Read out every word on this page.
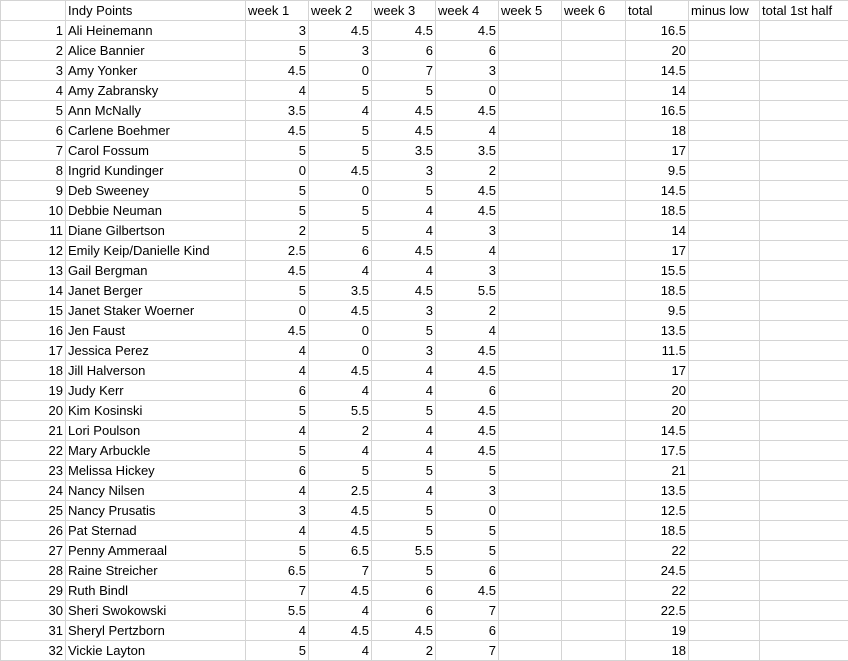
	Indy Points	week 1	week 2	week 3	week 4	week 5	week 6	total	minus low	total 1st half
1	Ali Heinemann	3	4.5	4.5	4.5			16.5		
2	Alice Bannier	5	3	6	6			20		
3	Amy Yonker	4.5	0	7	3			14.5		
4	Amy Zabransky	4	5	5	0			14		
5	Ann McNally	3.5	4	4.5	4.5			16.5		
6	Carlene Boehmer	4.5	5	4.5	4			18		
7	Carol Fossum	5	5	3.5	3.5			17		
8	Ingrid Kundinger	0	4.5	3	2			9.5		
9	Deb Sweeney	5	0	5	4.5			14.5		
10	Debbie Neuman	5	5	4	4.5			18.5		
11	Diane Gilbertson	2	5	4	3			14		
12	Emily Keip/Danielle Kind	2.5	6	4.5	4			17		
13	Gail Bergman	4.5	4	4	3			15.5		
14	Janet Berger	5	3.5	4.5	5.5			18.5		
15	Janet Staker Woerner	0	4.5	3	2			9.5		
16	Jen Faust	4.5	0	5	4			13.5		
17	Jessica Perez	4	0	3	4.5			11.5		
18	Jill Halverson	4	4.5	4	4.5			17		
19	Judy Kerr	6	4	4	6			20		
20	Kim Kosinski	5	5.5	5	4.5			20		
21	Lori Poulson	4	2	4	4.5			14.5		
22	Mary Arbuckle	5	4	4	4.5			17.5		
23	Melissa Hickey	6	5	5	5			21		
24	Nancy Nilsen	4	2.5	4	3			13.5		
25	Nancy Prusatis	3	4.5	5	0			12.5		
26	Pat Sternad	4	4.5	5	5			18.5		
27	Penny Ammeraal	5	6.5	5.5	5			22		
28	Raine Streicher	6.5	7	5	6			24.5		
29	Ruth Bindl	7	4.5	6	4.5			22		
30	Sheri Swokowski	5.5	4	6	7			22.5		
31	Sheryl Pertzborn	4	4.5	4.5	6			19		
32	Vickie Layton	5	4	2	7			18		
